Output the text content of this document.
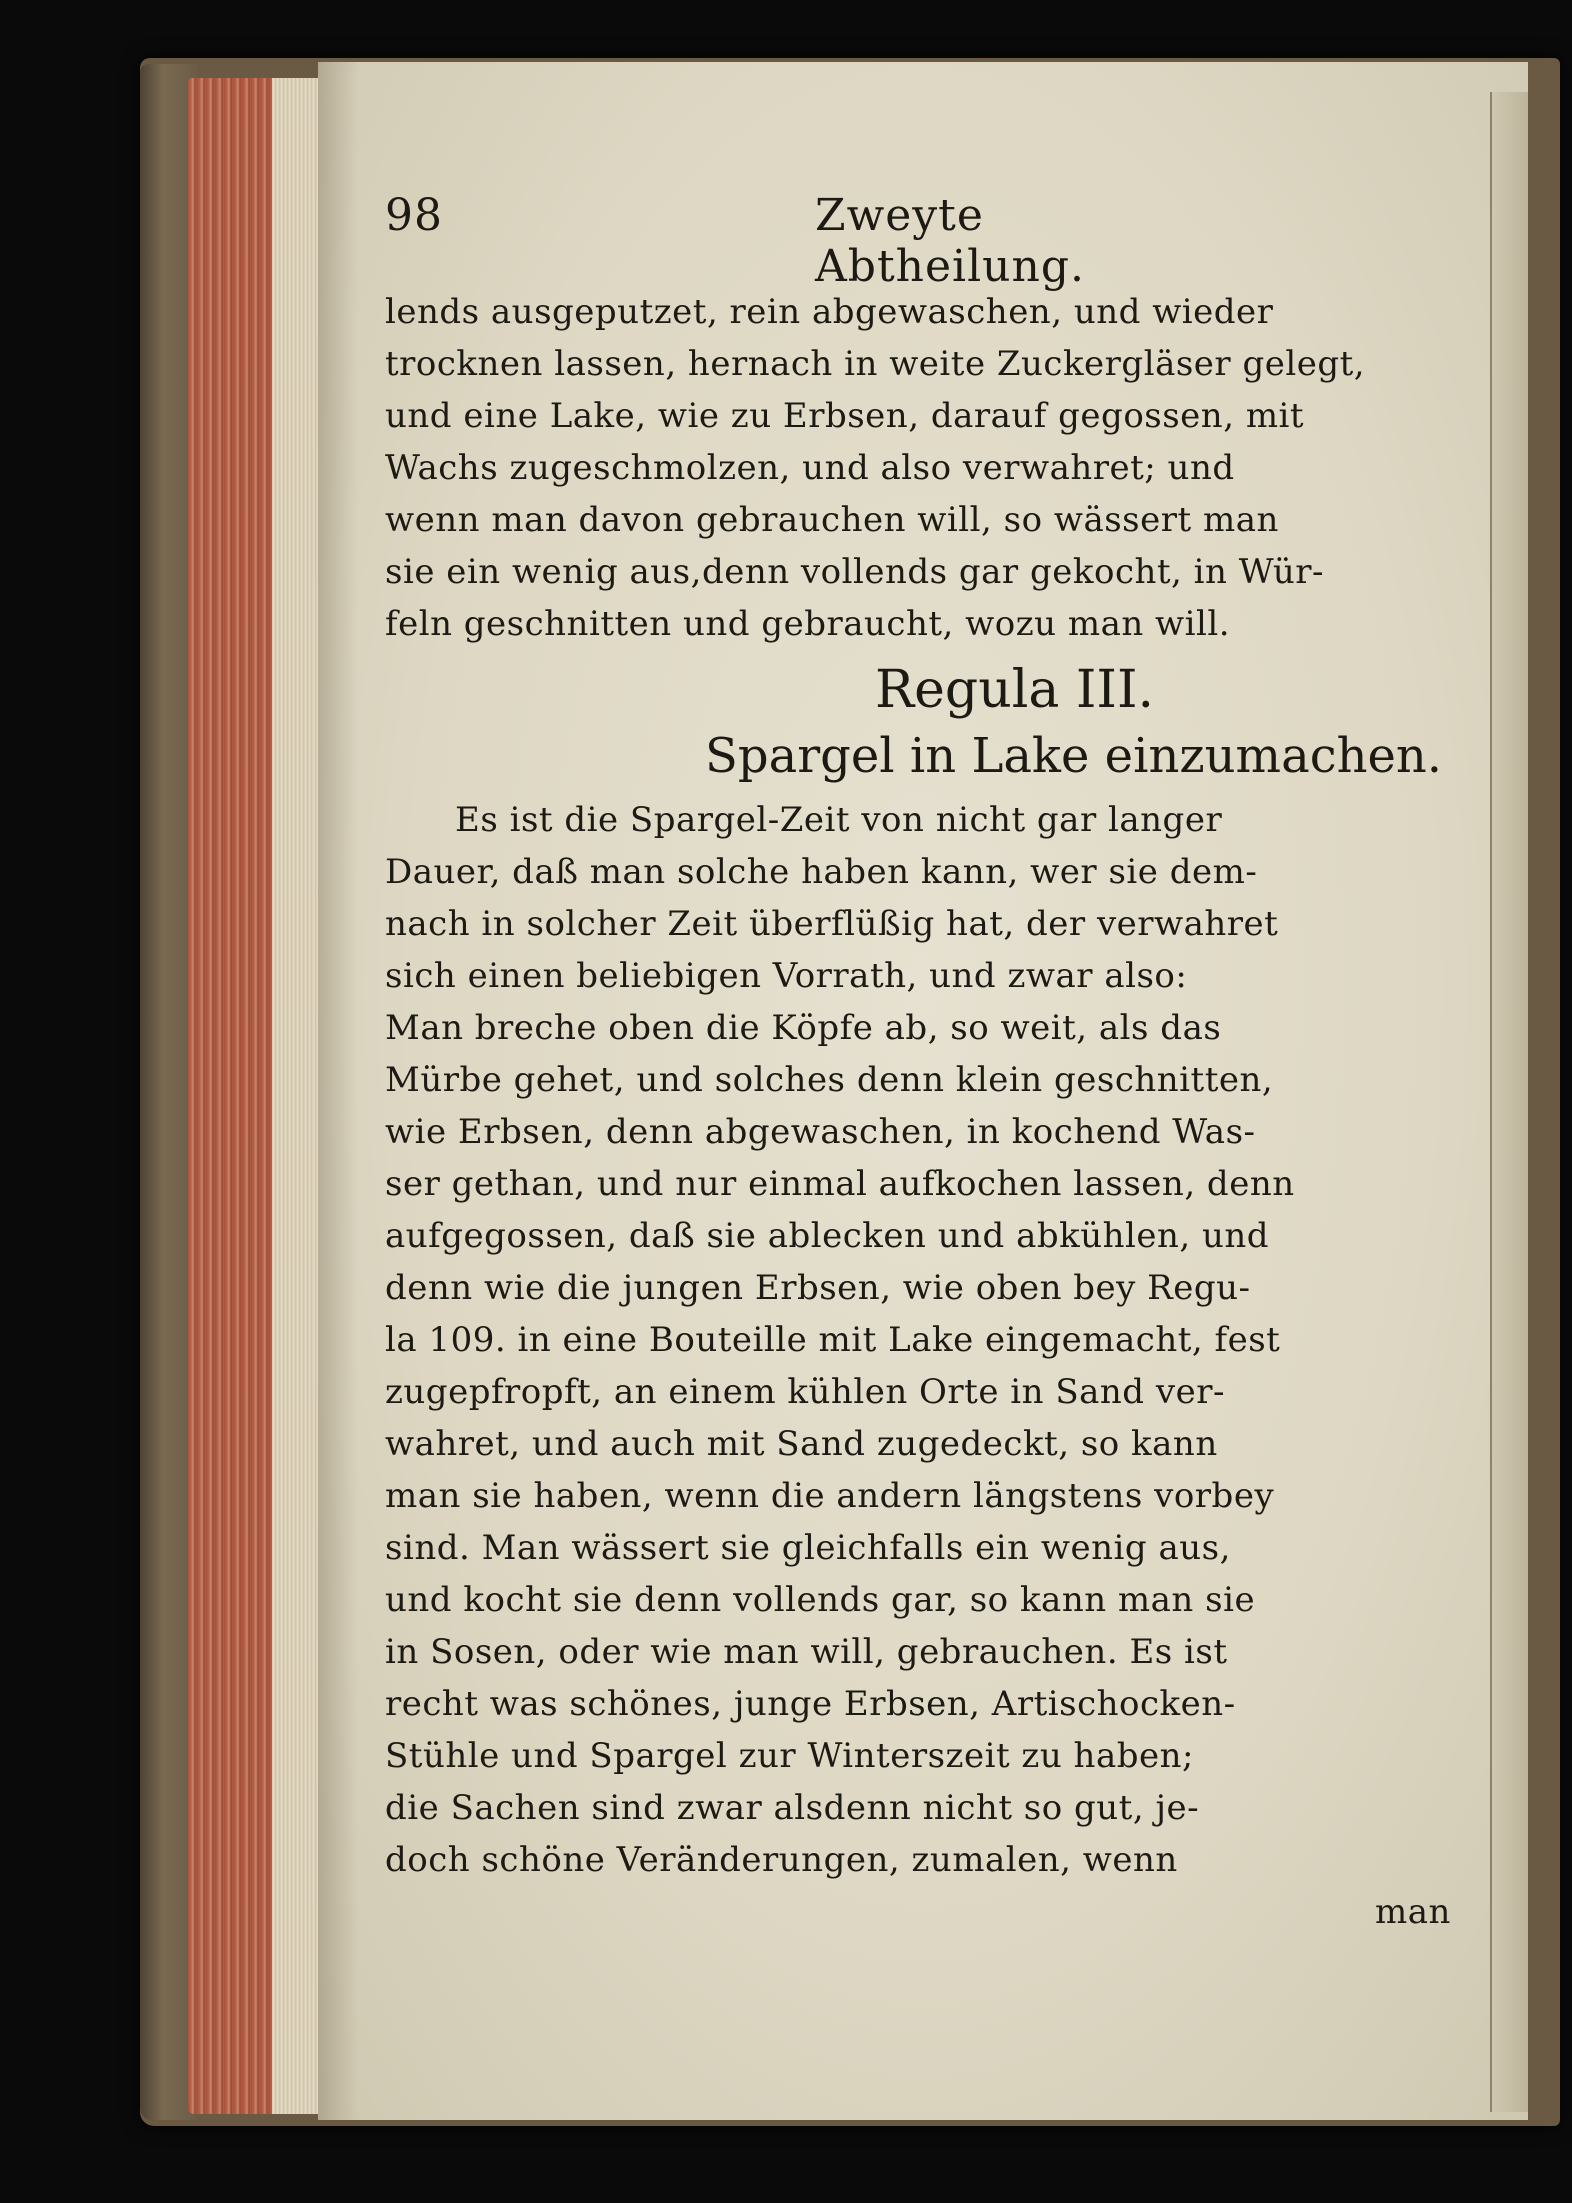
98	Zweyte Abtheilung.
lends ausgeputzet, rein abgewaschen, und wieder
trocknen lassen, hernach in weite Zuckergläser gelegt,
und eine Lake, wie zu Erbsen, darauf gegossen, mit
Wachs zugeschmolzen, und also verwahret; und
wenn man davon gebrauchen will, so wässert man
sie ein wenig aus,denn vollends gar gekocht, in Wür-
feln geschnitten und gebraucht, wozu man will.
Regula III.
Spargel in Lake einzumachen.
Es ist die Spargel-Zeit von nicht gar langer
Dauer, daß man solche haben kann, wer sie dem-
nach in solcher Zeit überflüßig hat, der verwahret
sich einen beliebigen Vorrath, und zwar also:
Man breche oben die Köpfe ab, so weit, als das
Mürbe gehet, und solches denn klein geschnitten,
wie Erbsen, denn abgewaschen, in kochend Was-
ser gethan, und nur einmal aufkochen lassen, denn
aufgegossen, daß sie ablecken und abkühlen, und
denn wie die jungen Erbsen, wie oben bey Regu-
la 109. in eine Bouteille mit Lake eingemacht, fest
zugepfropft, an einem kühlen Orte in Sand ver-
wahret, und auch mit Sand zugedeckt, so kann
man sie haben, wenn die andern längstens vorbey
sind. Man wässert sie gleichfalls ein wenig aus,
und kocht sie denn vollends gar, so kann man sie
in Sosen, oder wie man will, gebrauchen. Es ist
recht was schönes, junge Erbsen, Artischocken-
Stühle und Spargel zur Winterszeit zu haben;
die Sachen sind zwar alsdenn nicht so gut, je-
doch schöne Veränderungen, zumalen, wenn
man
